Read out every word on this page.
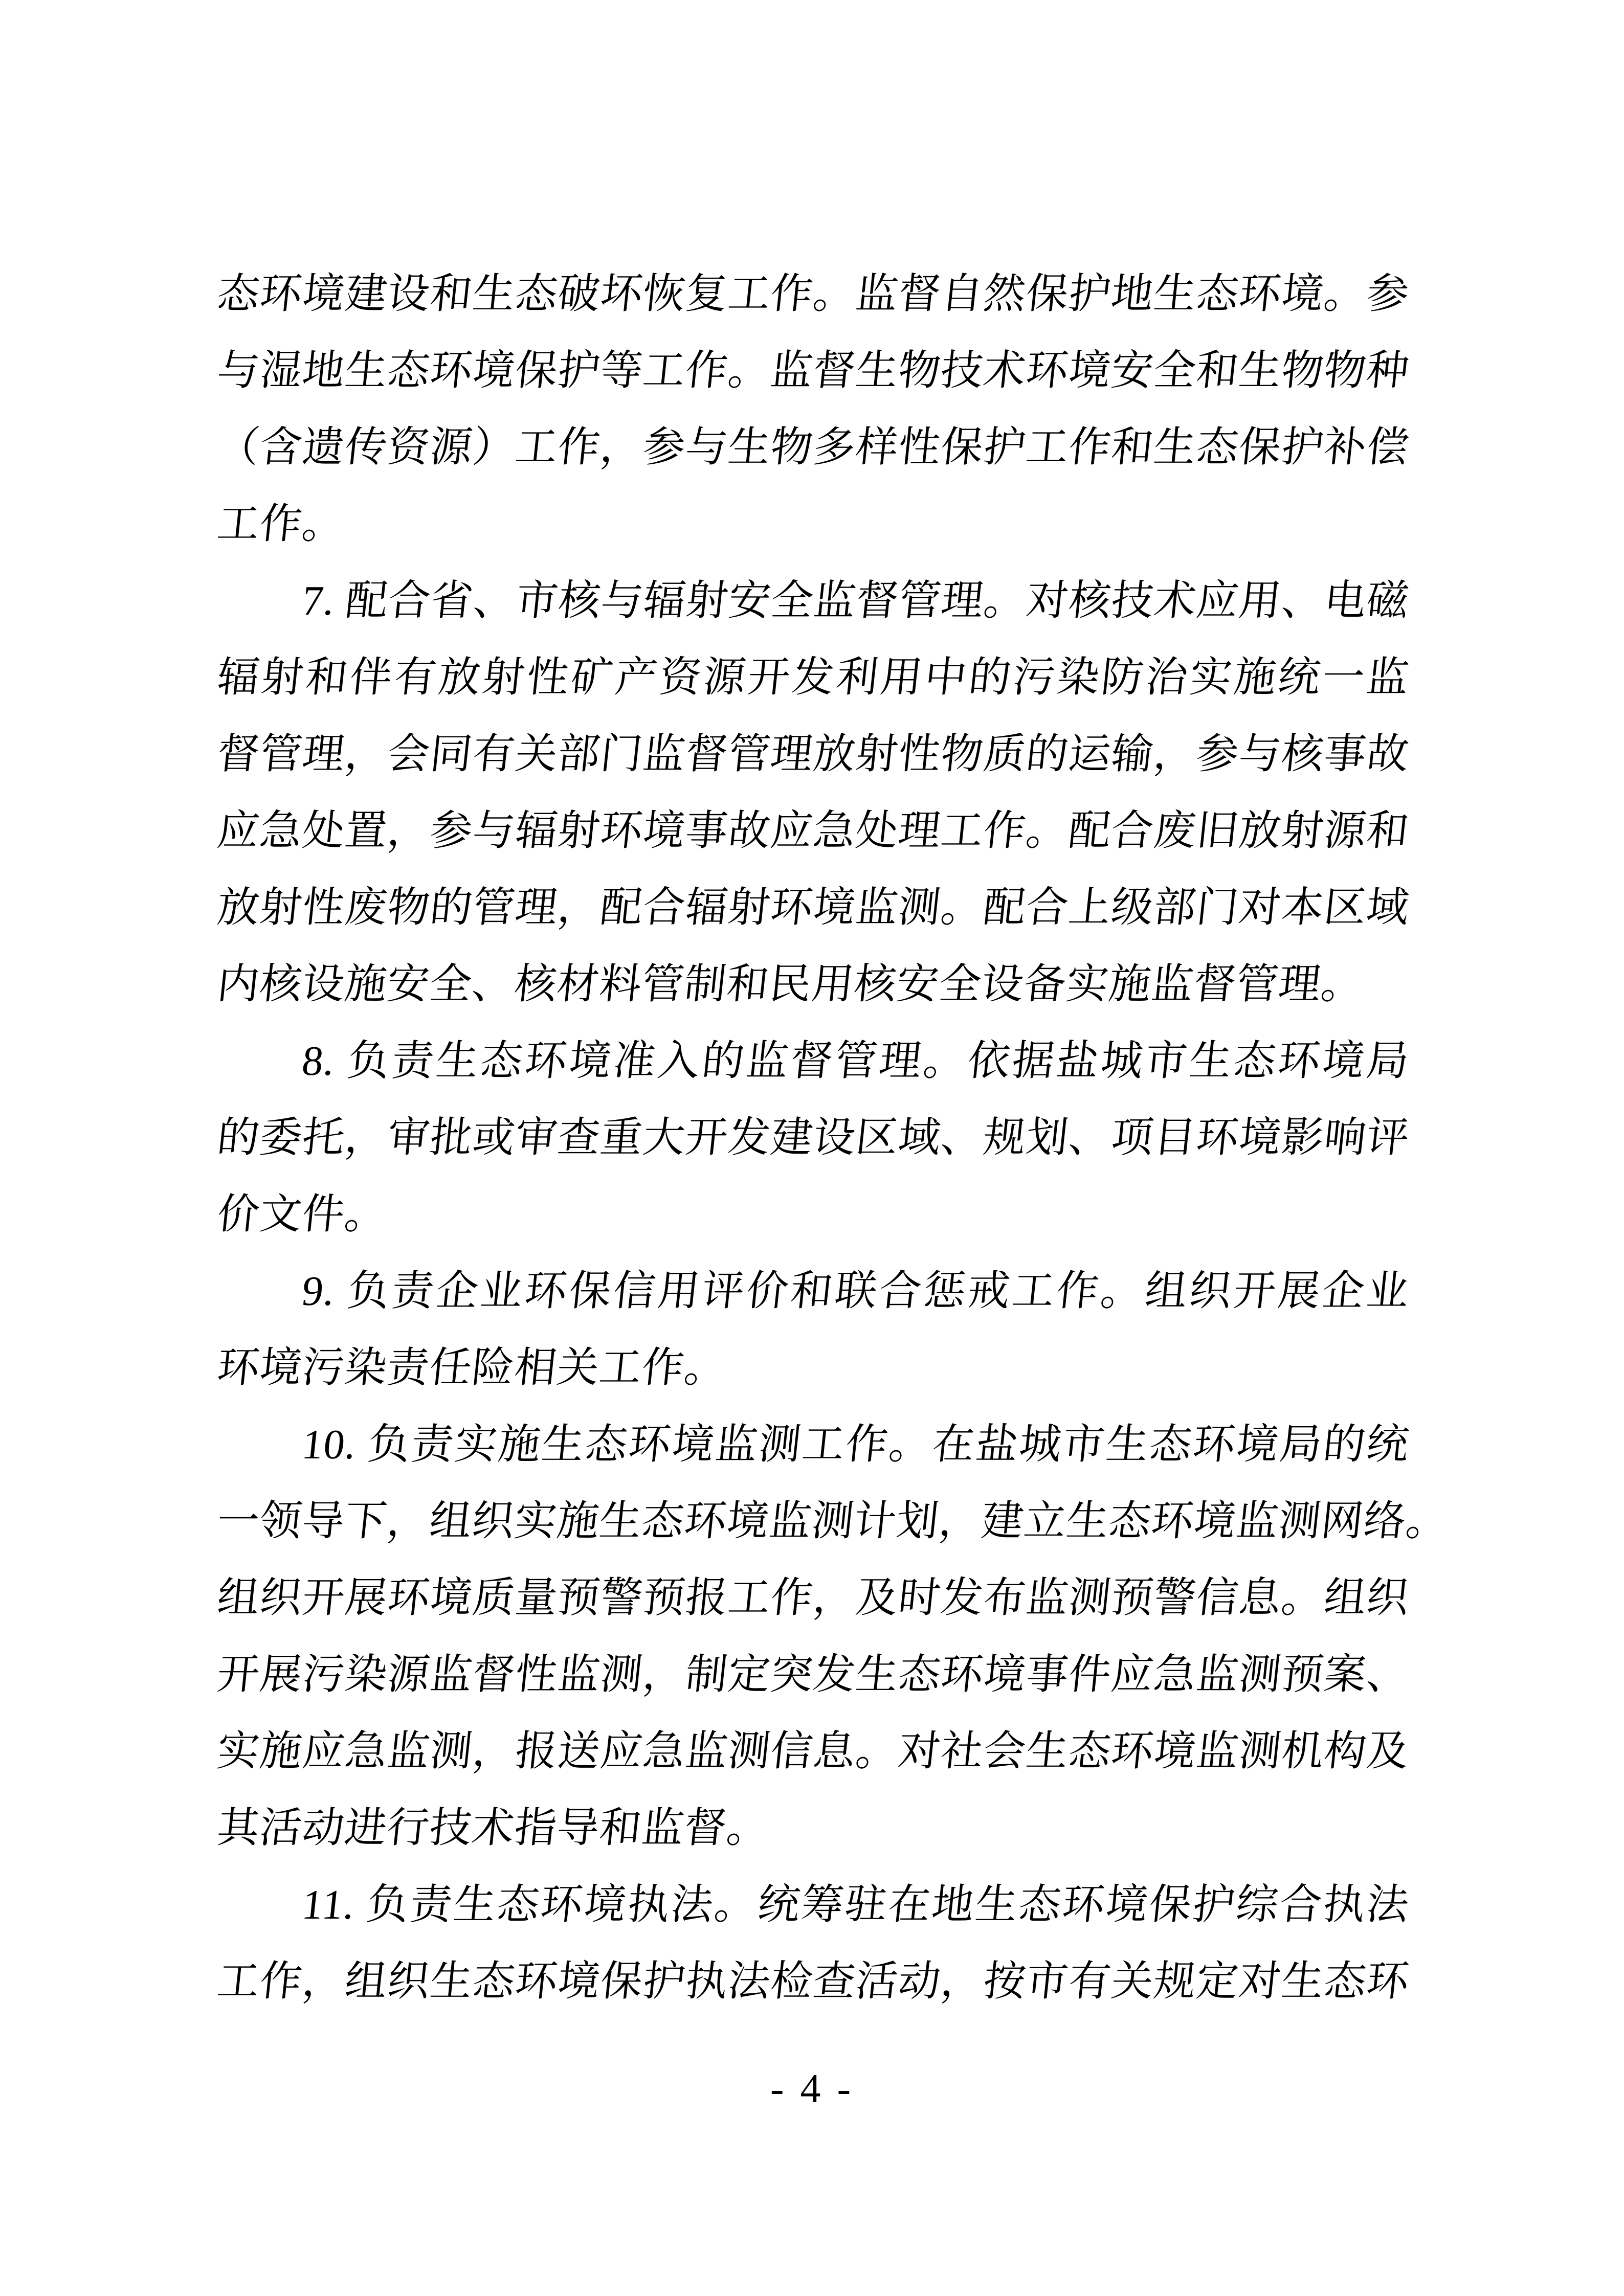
态环境建设和生态破坏恢复工作。监督自然保护地生态环境。参
与湿地生态环境保护等工作。监督生物技术环境安全和生物物种
（含遗传资源）工作，参与生物多样性保护工作和生态保护补偿
工作。
7. 配合省、市核与辐射安全监督管理。对核技术应用、电磁
辐射和伴有放射性矿产资源开发利用中的污染防治实施统一监
督管理，会同有关部门监督管理放射性物质的运输，参与核事故
应急处置，参与辐射环境事故应急处理工作。配合废旧放射源和
放射性废物的管理，配合辐射环境监测。配合上级部门对本区域
内核设施安全、核材料管制和民用核安全设备实施监督管理。
8. 负责生态环境准入的监督管理。依据盐城市生态环境局
的委托，审批或审查重大开发建设区域、规划、项目环境影响评
价文件。
9. 负责企业环保信用评价和联合惩戒工作。组织开展企业
环境污染责任险相关工作。
10. 负责实施生态环境监测工作。在盐城市生态环境局的统
一领导下，组织实施生态环境监测计划，建立生态环境监测网络。
组织开展环境质量预警预报工作，及时发布监测预警信息。组织
开展污染源监督性监测，制定突发生态环境事件应急监测预案、
实施应急监测，报送应急监测信息。对社会生态环境监测机构及
其活动进行技术指导和监督。
11. 负责生态环境执法。统筹驻在地生态环境保护综合执法
工作，组织生态环境保护执法检查活动，按市有关规定对生态环
- 4 -
